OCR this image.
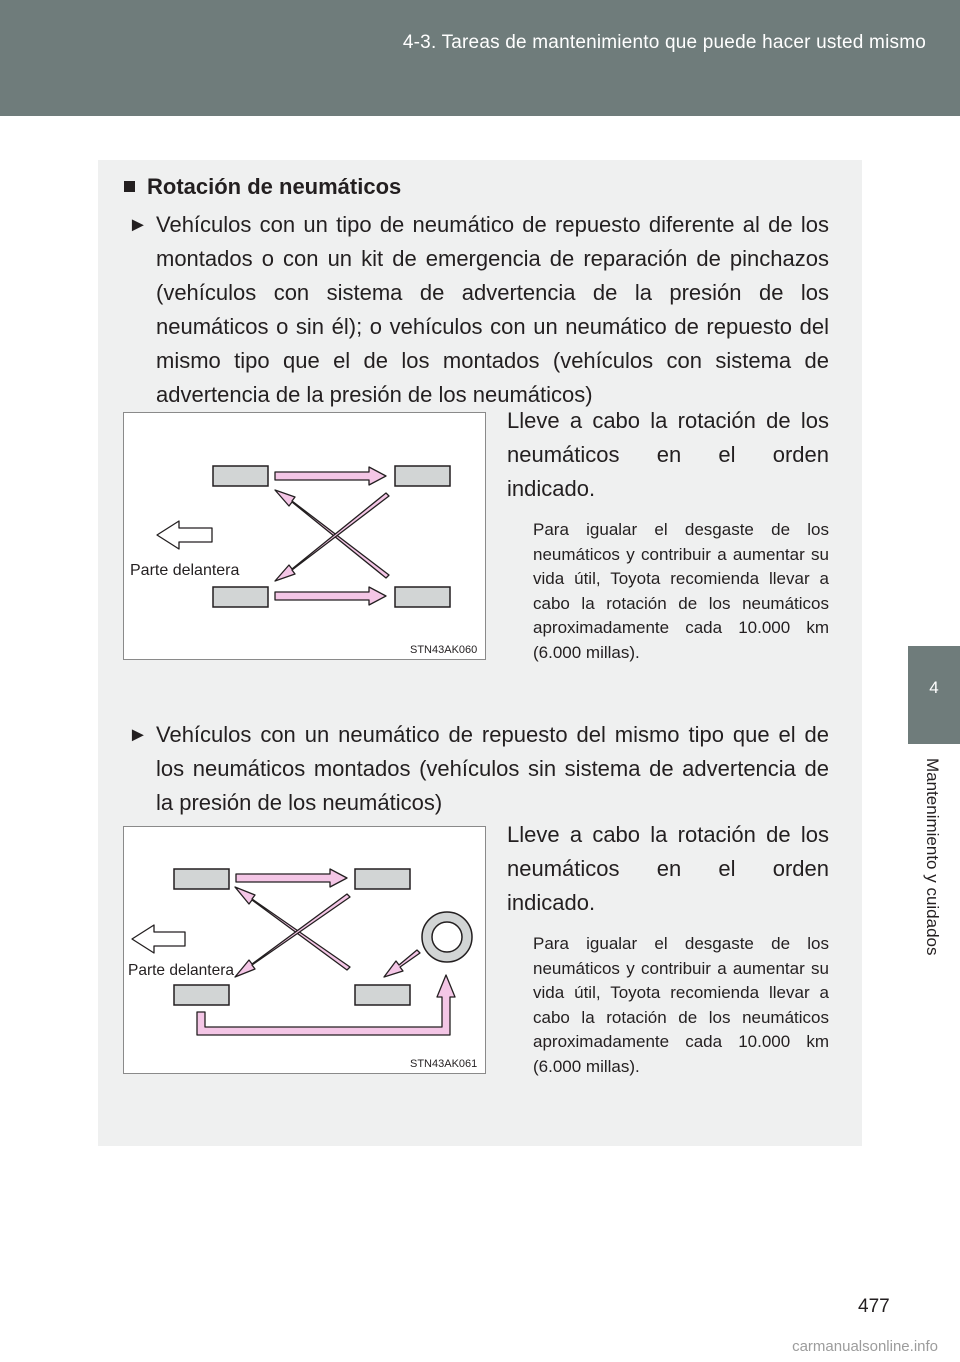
4-3. Tareas de mantenimiento que puede hacer usted mismo
4
Mantenimiento y cuidados
Rotación de neumáticos
► Vehículos con un tipo de neumático de repuesto diferente al de los montados o con un kit de emergencia de reparación de pinchazos (vehículos con sistema de advertencia de la presión de los neumáticos o sin él); o vehículos con un neumático de repuesto del mismo tipo que el de los montados (vehículos con sistema de advertencia de la presión de los neumáticos)
Parte delantera
STN43AK060
Lleve a cabo la rotación de los neumáticos en el orden indicado.
Para igualar el desgaste de los neumáticos y contribuir a aumentar su vida útil, Toyota recomienda llevar a cabo la rotación de los neumáticos aproximadamente cada 10.000 km (6.000 millas).
► Vehículos con un neumático de repuesto del mismo tipo que el de los neumáticos montados (vehículos sin sistema de advertencia de la presión de los neumáticos)
Parte delantera
STN43AK061
Lleve a cabo la rotación de los neumáticos en el orden indicado.
Para igualar el desgaste de los neumáticos y contribuir a aumentar su vida útil, Toyota recomienda llevar a cabo la rotación de los neumáticos aproximadamente cada 10.000 km (6.000 millas).
477
carmanualsonline.info
